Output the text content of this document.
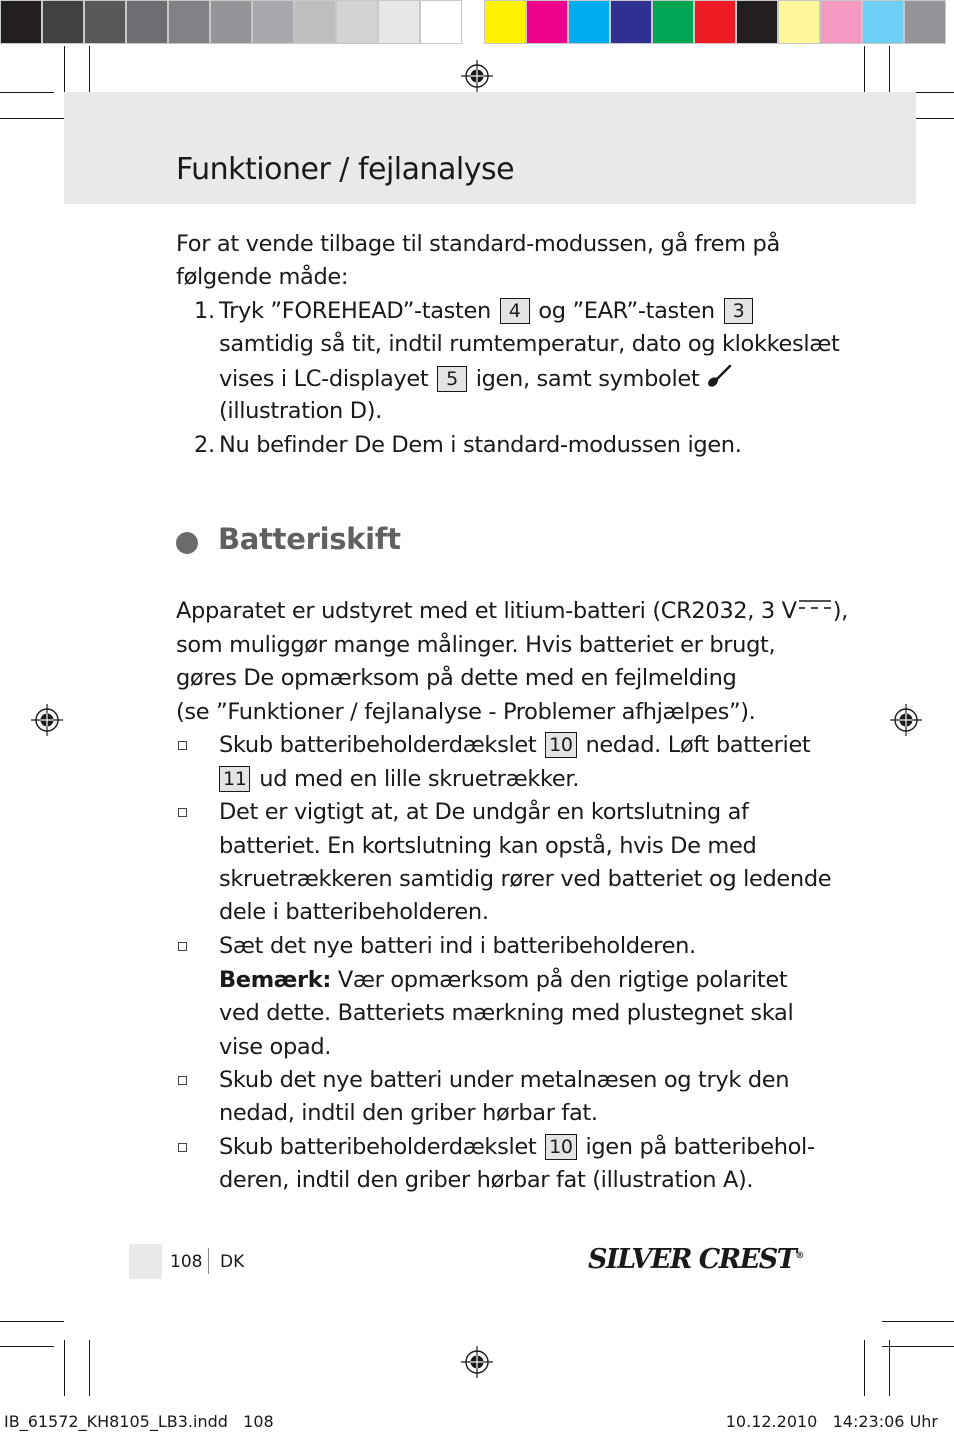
Funktioner / fejlanalyse
For at vende tilbage til standard-modussen, gå frem på
følgende måde:
1. Tryk ”FOREHEAD”-tasten 4 og ”EAR”-tasten 3
samtidig så tit, indtil rumtemperatur, dato og klokkeslæt
vises i LC-displayet 5 igen, samt symbolet
(illustration D).
2. Nu befinder De Dem i standard-modussen igen.
Batteriskift
Apparatet er udstyret med et litium-batteri (CR2032, 3 V ),
som muliggør mange målinger. Hvis batteriet er brugt,
gøres De opmærksom på dette med en fejlmelding
(se ”Funktioner / fejlanalyse - Problemer afhjælpes”).
Skub batteribeholderdækslet 10 nedad. Løft batteriet
11 ud med en lille skruetrækker.
Det er vigtigt at, at De undgår en kortslutning af
batteriet. En kortslutning kan opstå, hvis De med
skruetrækkeren samtidig rører ved batteriet og ledende
dele i batteribeholderen.
Sæt det nye batteri ind i batteribeholderen.
Bemærk: Vær opmærksom på den rigtige polaritet
ved dette. Batteriets mærkning med plustegnet skal
vise opad.
Skub det nye batteri under metalnæsen og tryk den
nedad, indtil den griber hørbar fat.
Skub batteribeholderdækslet 10 igen på batteribehol-
deren, indtil den griber hørbar fat (illustration A).
108 DK	SILVER CREST®
IB_61572_KH8105_LB3.indd   108	10.12.2010   14:23:06 Uhr
